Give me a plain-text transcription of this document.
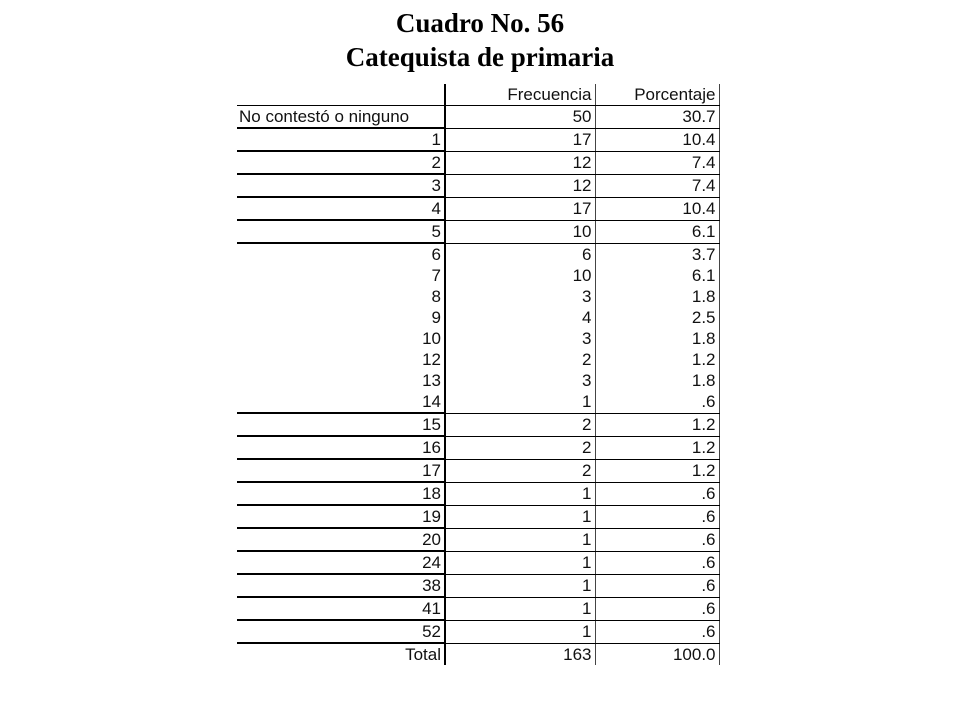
Cuadro No. 56
Catequista de primaria
	Frecuencia	Porcentaje
No contestó o ninguno	50	30.7
1	17	10.4
2	12	7.4
3	12	7.4
4	17	10.4
5	10	6.1
6	6	3.7
7	10	6.1
8	3	1.8
9	4	2.5
10	3	1.8
12	2	1.2
13	3	1.8
14	1	.6
15	2	1.2
16	2	1.2
17	2	1.2
18	1	.6
19	1	.6
20	1	.6
24	1	.6
38	1	.6
41	1	.6
52	1	.6
Total	163	100.0
